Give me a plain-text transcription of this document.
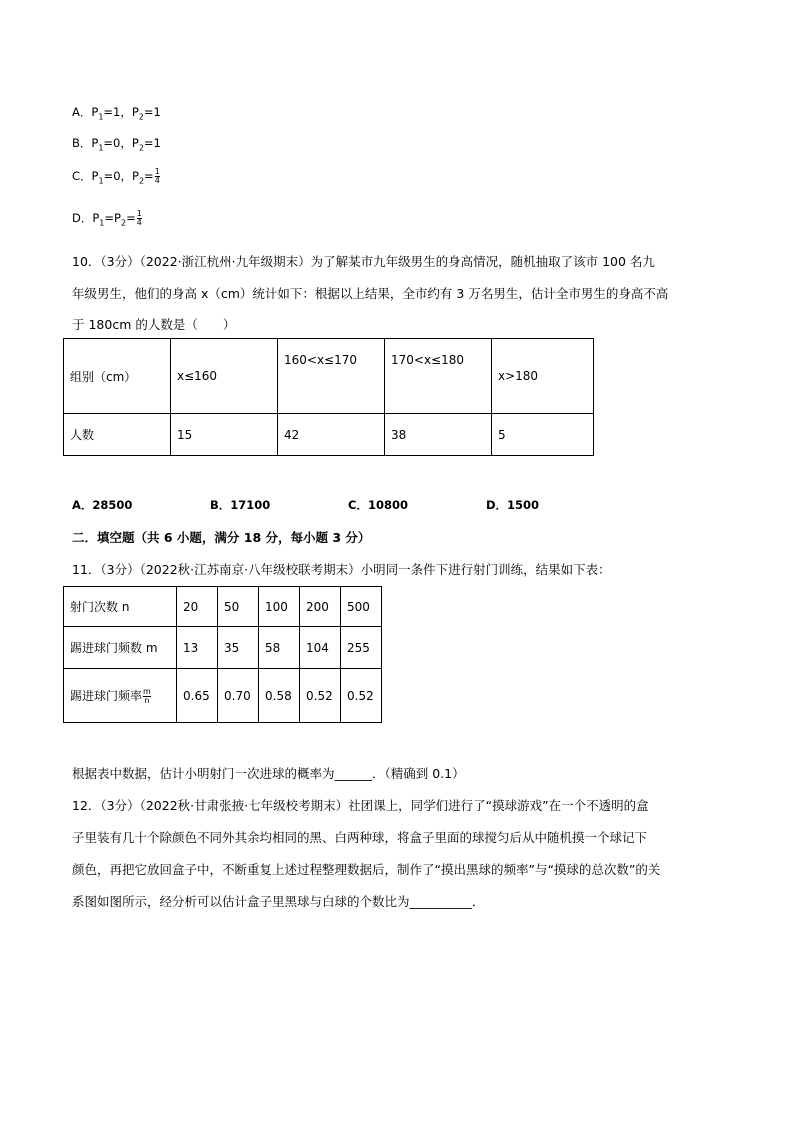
A．$P_1=1$，$P_2=1$
B．$P_1=0$，$P_2=1$
C．$P_1=0$，$P_2= \frac{1}{4}$
D．$P_1=P_2= \frac{1}{4}$
10．（3分）（2022·浙江杭州·九年级期末）为了解某市九年级男生的身高情况，随机抽取了该市 100 名九
年级男生，他们的身高 x（cm）统计如下：根据以上结果，全市约有 3 万名男生，估计全市男生的身高不高
于 180cm 的人数是（　　）
组别（cm）	x≤160	160<x≤170	170<x≤180	x>180
人数	15	42	38	5
A．28500	B．17100	C．10800	D．1500
二．填空题（共 6 小题，满分 18 分，每小题 3 分）
11．（3分）（2022秋·江苏南京·八年级校联考期末）小明同一条件下进行射门训练，结果如下表：
射门次数 n	20	50	100	200	500
踢进球门频数 m	13	35	58	104	255
踢进球门频率 $\frac{m}{n}$	0.65	0.70	0.58	0.52	0.52
根据表中数据，估计小明射门一次进球的概率为______．（精确到 0.1）
12．（3分）（2022秋·甘肃张掖·七年级校考期末）社团课上，同学们进行了“摸球游戏”在一个不透明的盒
子里装有几十个除颜色不同外其余均相同的黑、白两种球，将盒子里面的球搅匀后从中随机摸一个球记下
颜色，再把它放回盒子中，不断重复上述过程整理数据后，制作了“摸出黑球的频率”与“摸球的总次数”的关
系图如图所示，经分析可以估计盒子里黑球与白球的个数比为__________．
